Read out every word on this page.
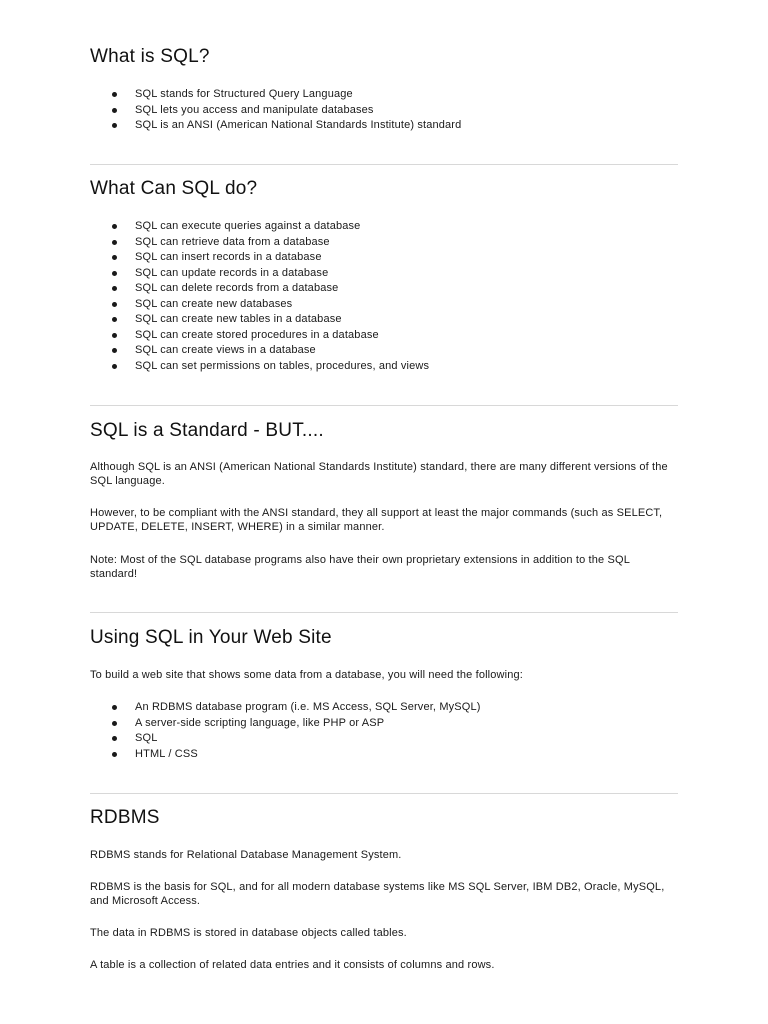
What is SQL?
SQL stands for Structured Query Language
SQL lets you access and manipulate databases
SQL is an ANSI (American National Standards Institute) standard
What Can SQL do?
SQL can execute queries against a database
SQL can retrieve data from a database
SQL can insert records in a database
SQL can update records in a database
SQL can delete records from a database
SQL can create new databases
SQL can create new tables in a database
SQL can create stored procedures in a database
SQL can create views in a database
SQL can set permissions on tables, procedures, and views
SQL is a Standard - BUT....

Although SQL is an ANSI (American National Standards Institute) standard, there are many different versions of the SQL language.

However, to be compliant with the ANSI standard, they all support at least the major commands (such as SELECT, UPDATE, DELETE, INSERT, WHERE) in a similar manner.

Note: Most of the SQL database programs also have their own proprietary extensions in addition to the SQL standard!

Using SQL in Your Web Site

To build a web site that shows some data from a database, you will need the following:

An RDBMS database program (i.e. MS Access, SQL Server, MySQL)
A server-side scripting language, like PHP or ASP
SQL
HTML / CSS
RDBMS

RDBMS stands for Relational Database Management System.

RDBMS is the basis for SQL, and for all modern database systems like MS SQL Server, IBM DB2, Oracle, MySQL, and Microsoft Access.

The data in RDBMS is stored in database objects called tables.

A table is a collection of related data entries and it consists of columns and rows.
